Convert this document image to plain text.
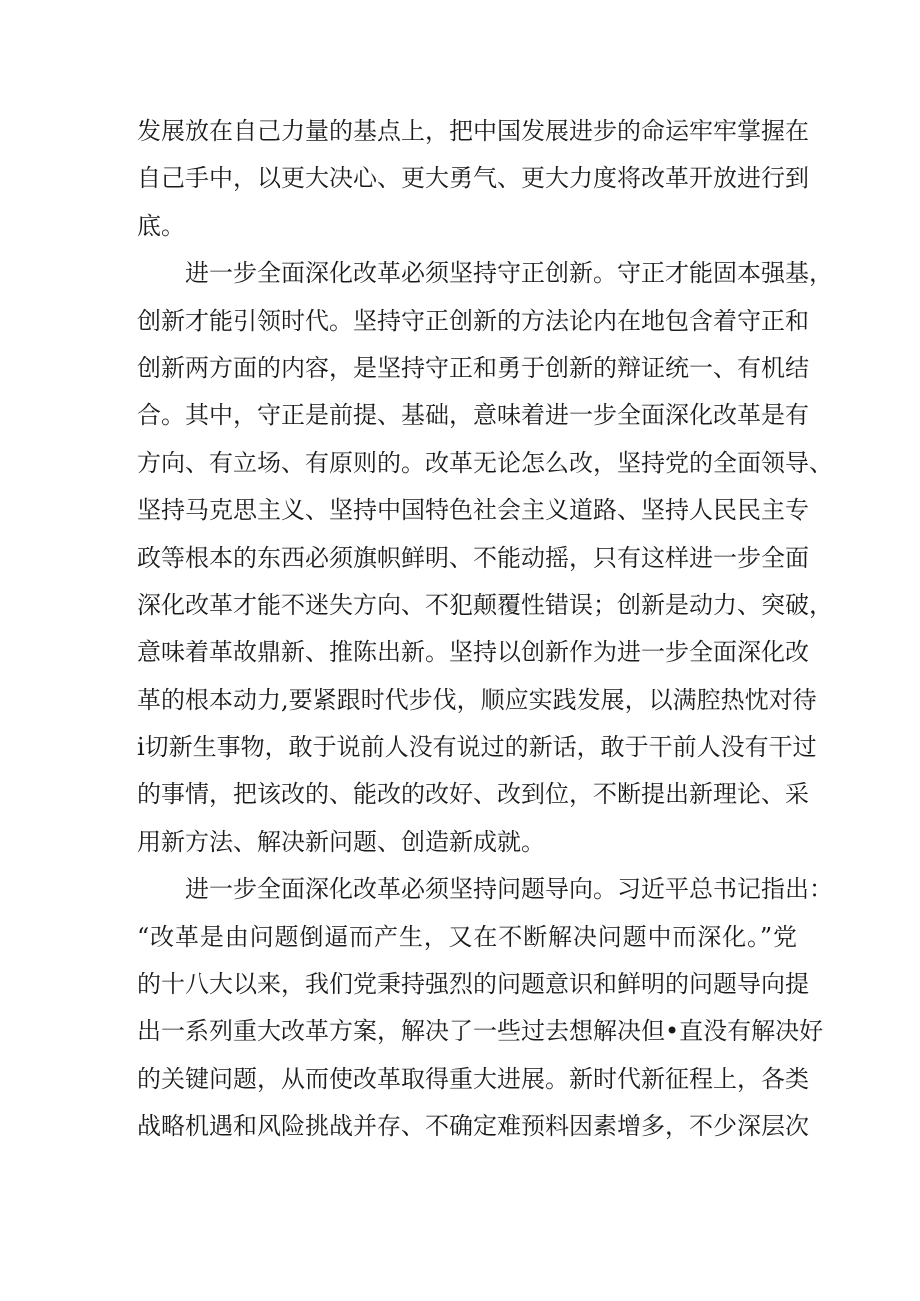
发展放在自己力量的基点上，把中国发展进步的命运牢牢掌握在

自己手中，以更大决心、更大勇气、更大力度将改革开放进行到

底。

进一步全面深化改革必须坚持守正创新。守正才能固本强基，

创新才能引领时代。坚持守正创新的方法论内在地包含着守正和

创新两方面的内容，是坚持守正和勇于创新的辩证统一、有机结

合。其中，守正是前提、基础，意味着进一步全面深化改革是有

方向、有立场、有原则的。改革无论怎么改，坚持党的全面领导、

坚持马克思主义、坚持中国特色社会主义道路、坚持人民民主专

政等根本的东西必须旗帜鲜明、不能动摇，只有这样进一步全面

深化改革才能不迷失方向、不犯颠覆性错误；创新是动力、突破，

意味着革故鼎新、推陈出新。坚持以创新作为进一步全面深化改

革的根本动力,要紧跟时代步伐，顺应实践发展，以满腔热忱对待

i切新生事物，敢于说前人没有说过的新话，敢于干前人没有干过

的事情，把该改的、能改的改好、改到位，不断提出新理论、采

用新方法、解决新问题、创造新成就。

进一步全面深化改革必须坚持问题导向。习近平总书记指出：

“改革是由问题倒逼而产生，又在不断解决问题中而深化。”党

的十八大以来，我们党秉持强烈的问题意识和鲜明的问题导向提

出一系列重大改革方案，解决了一些过去想解决但•直没有解决好

的关键问题，从而使改革取得重大进展。新时代新征程上，各类

战略机遇和风险挑战并存、不确定难预料因素增多，不少深层次
